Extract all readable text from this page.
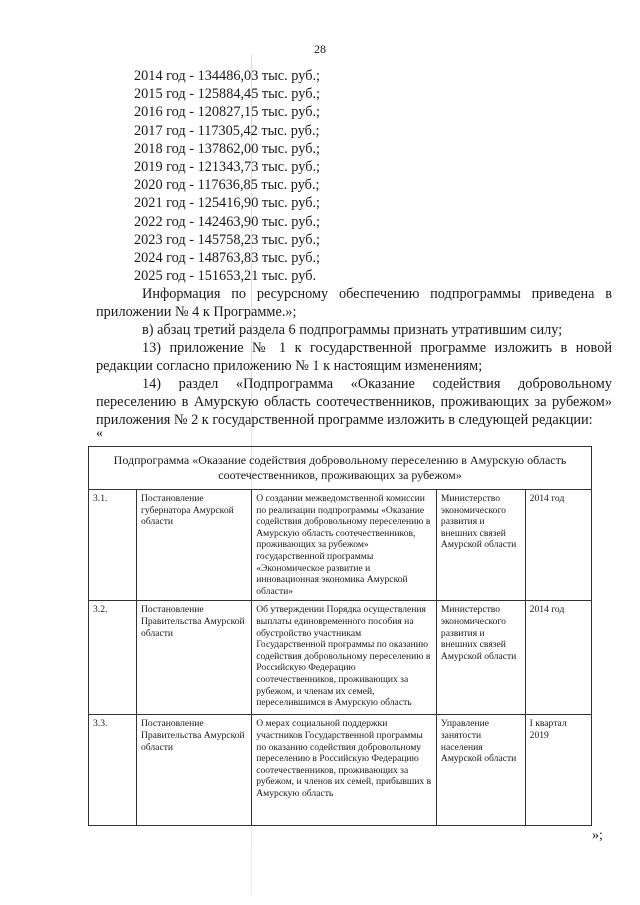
28
2014 год - 134486,03 тыс. руб.;
2015 год - 125884,45 тыс. руб.;
2016 год - 120827,15 тыс. руб.;
2017 год - 117305,42 тыс. руб.;
2018 год - 137862,00 тыс. руб.;
2019 год - 121343,73 тыс. руб.;
2020 год - 117636,85 тыс. руб.;
2021 год - 125416,90 тыс. руб.;
2022 год - 142463,90 тыс. руб.;
2023 год - 145758,23 тыс. руб.;
2024 год - 148763,83 тыс. руб.;
2025 год - 151653,21 тыс. руб.
Информация по ресурсному обеспечению подпрограммы приведена в приложении № 4 к Программе.»;
в) абзац третий раздела 6 подпрограммы признать утратившим силу;
13) приложение № 1 к государственной программе изложить в новой редакции согласно приложению № 1 к настоящим изменениям;
14) раздел «Подпрограмма «Оказание содействия добровольному переселению в Амурскую область соотечественников, проживающих за рубежом» приложения № 2 к государственной программе изложить в следующей редакции:
«
Подпрограмма «Оказание содействия добровольному переселению в Амурскую область соотечественников, проживающих за рубежом»				
3.1.	Постановление губернатора Амурской области	О создании межведомственной комиссии по реализации подпрограммы «Оказание содействия добровольному переселению в Амурскую область соотечественников, проживающих за рубежом» государственной программы «Экономическое развитие и инновационная экономика Амурской области»	Министерство экономического развития и внешних связей Амурской области	2014 год
3.2.	Постановление Правительства Амурской области	Об утверждении Порядка осуществления выплаты единовременного пособия на обустройство участникам Государственной программы по оказанию содействия добровольному переселению в Российскую Федерацию соотечественников, проживающих за рубежом, и членам их семей, переселившимся в Амурскую область	Министерство экономического развития и внешних связей Амурской области	2014 год
3.3.	Постановление Правительства Амурской области	О мерах социальной поддержки участников Государственной программы по оказанию содействия добровольному переселению в Российскую Федерацию соотечественников, проживающих за рубежом, и членов их семей, прибывших в Амурскую область	Управление занятости населения Амурской области	I квартал 2019
»;
